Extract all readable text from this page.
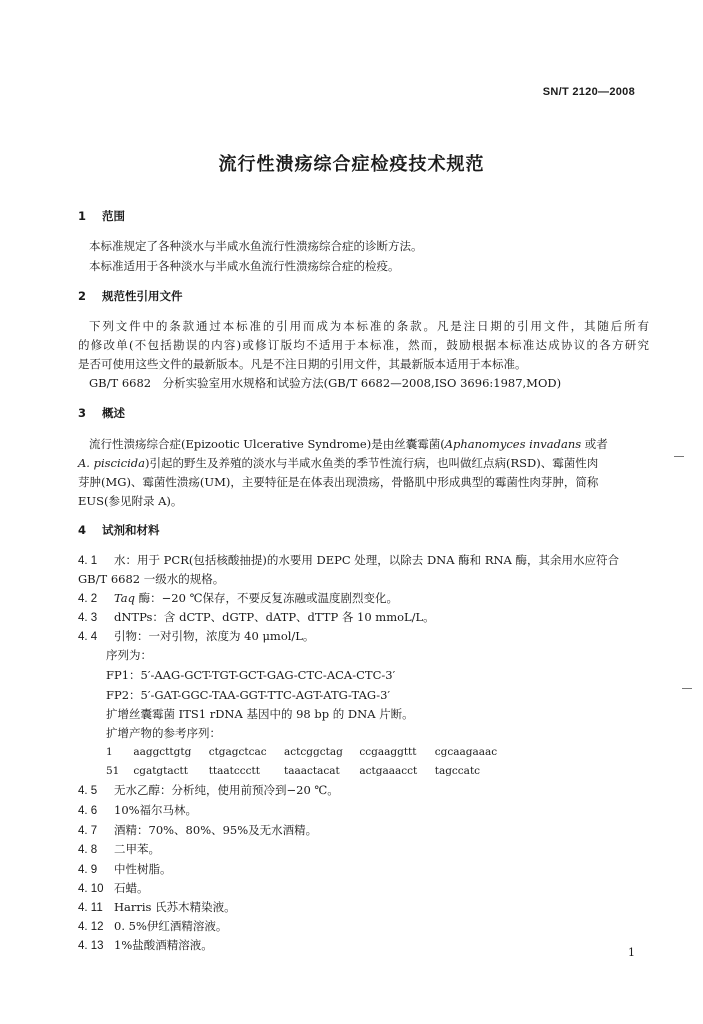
SN/T 2120—2008
流行性溃疡综合症检疫技术规范
1 范围
本标准规定了各种淡水与半咸水鱼流行性溃疡综合症的诊断方法。
本标准适用于各种淡水与半咸水鱼流行性溃疡综合症的检疫。
2 规范性引用文件
下列文件中的条款通过本标准的引用而成为本标准的条款。凡是注日期的引用文件，其随后所有
的修改单(不包括勘误的内容)或修订版均不适用于本标准，然而，鼓励根据本标准达成协议的各方研究
是否可使用这些文件的最新版本。凡是不注日期的引用文件，其最新版本适用于本标准。
GB/T 6682　分析实验室用水规格和试验方法(GB/T 6682—2008,ISO 3696:1987,MOD)
3 概述
流行性溃疡综合症(Epizootic Ulcerative Syndrome)是由丝囊霉菌(Aphanomyces invadans 或者
A. piscicida)引起的野生及养殖的淡水与半咸水鱼类的季节性流行病，也叫做红点病(RSD)、霉菌性肉
芽肿(MG)、霉菌性溃疡(UM)，主要特征是在体表出现溃疡，骨骼肌中形成典型的霉菌性肉芽肿，简称
EUS(参见附录 A)。
4 试剂和材料
4. 1 水：用于 PCR(包括核酸抽提)的水要用 DEPC 处理，以除去 DNA 酶和 RNA 酶，其余用水应符合
GB/T 6682 一级水的规格。
4. 2 Taq 酶：−20 ℃保存，不要反复冻融或温度剧烈变化。
4. 3 dNTPs：含 dCTP、dGTP、dATP、dTTP 各 10 mmoL/L。
4. 4 引物：一对引物，浓度为 40 μmol/L。
序列为：
FP1：5′-AAG-GCT-TGT-GCT-GAG-CTC-ACA-CTC-3′
FP2：5′-GAT-GGC-TAA-GGT-TTC-AGT-ATG-TAG-3′
扩增丝囊霉菌 ITS1 rDNA 基因中的 98 bp 的 DNA 片断。
扩增产物的参考序列：
1 aaggcttgtg ctgagctcac actcggctag ccgaaggttt cgcaagaaac
51 cgatgtactt ttaatccctt taaactacat actgaaacct tagccatc
4. 5 无水乙醇：分析纯，使用前预冷到−20 ℃。
4. 6 10%福尔马林。
4. 7 酒精：70%、80%、95%及无水酒精。
4. 8 二甲苯。
4. 9 中性树脂。
4. 10 石蜡。
4. 11 Harris 氏苏木精染液。
4. 12 0. 5%伊红酒精溶液。
4. 13 1%盐酸酒精溶液。
1
